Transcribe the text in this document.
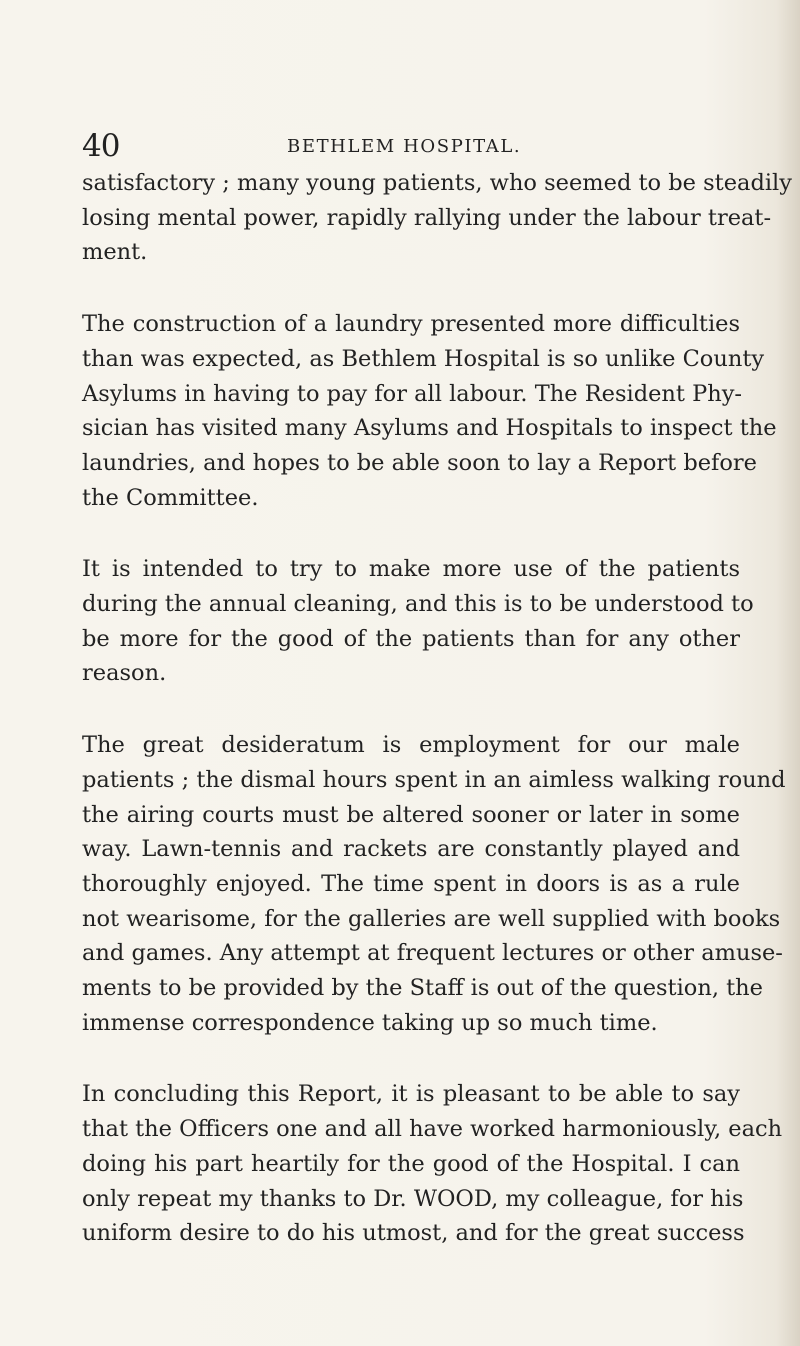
40	BETHLEM HOSPITAL.

satisfactory ; many young patients, who seemed to be steadily
losing mental power, rapidly rallying under the labour treat-
ment.

The construction of a laundry presented more difficulties
than was expected, as Bethlem Hospital is so unlike County
Asylums in having to pay for all labour. The Resident Phy-
sician has visited many Asylums and Hospitals to inspect the
laundries, and hopes to be able soon to lay a Report before
the Committee.

It is intended to try to make more use of the patients
during the annual cleaning, and this is to be understood to
be more for the good of the patients than for any other
reason.

The great desideratum is employment for our male
patients ; the dismal hours spent in an aimless walking round
the airing courts must be altered sooner or later in some
way. Lawn-tennis and rackets are constantly played and
thoroughly enjoyed. The time spent in doors is as a rule
not wearisome, for the galleries are well supplied with books
and games. Any attempt at frequent lectures or other amuse-
ments to be provided by the Staff is out of the question, the
immense correspondence taking up so much time.

In concluding this Report, it is pleasant to be able to say
that the Officers one and all have worked harmoniously, each
doing his part heartily for the good of the Hospital. I can
only repeat my thanks to Dr. WOOD, my colleague, for his
uniform desire to do his utmost, and for the great success
